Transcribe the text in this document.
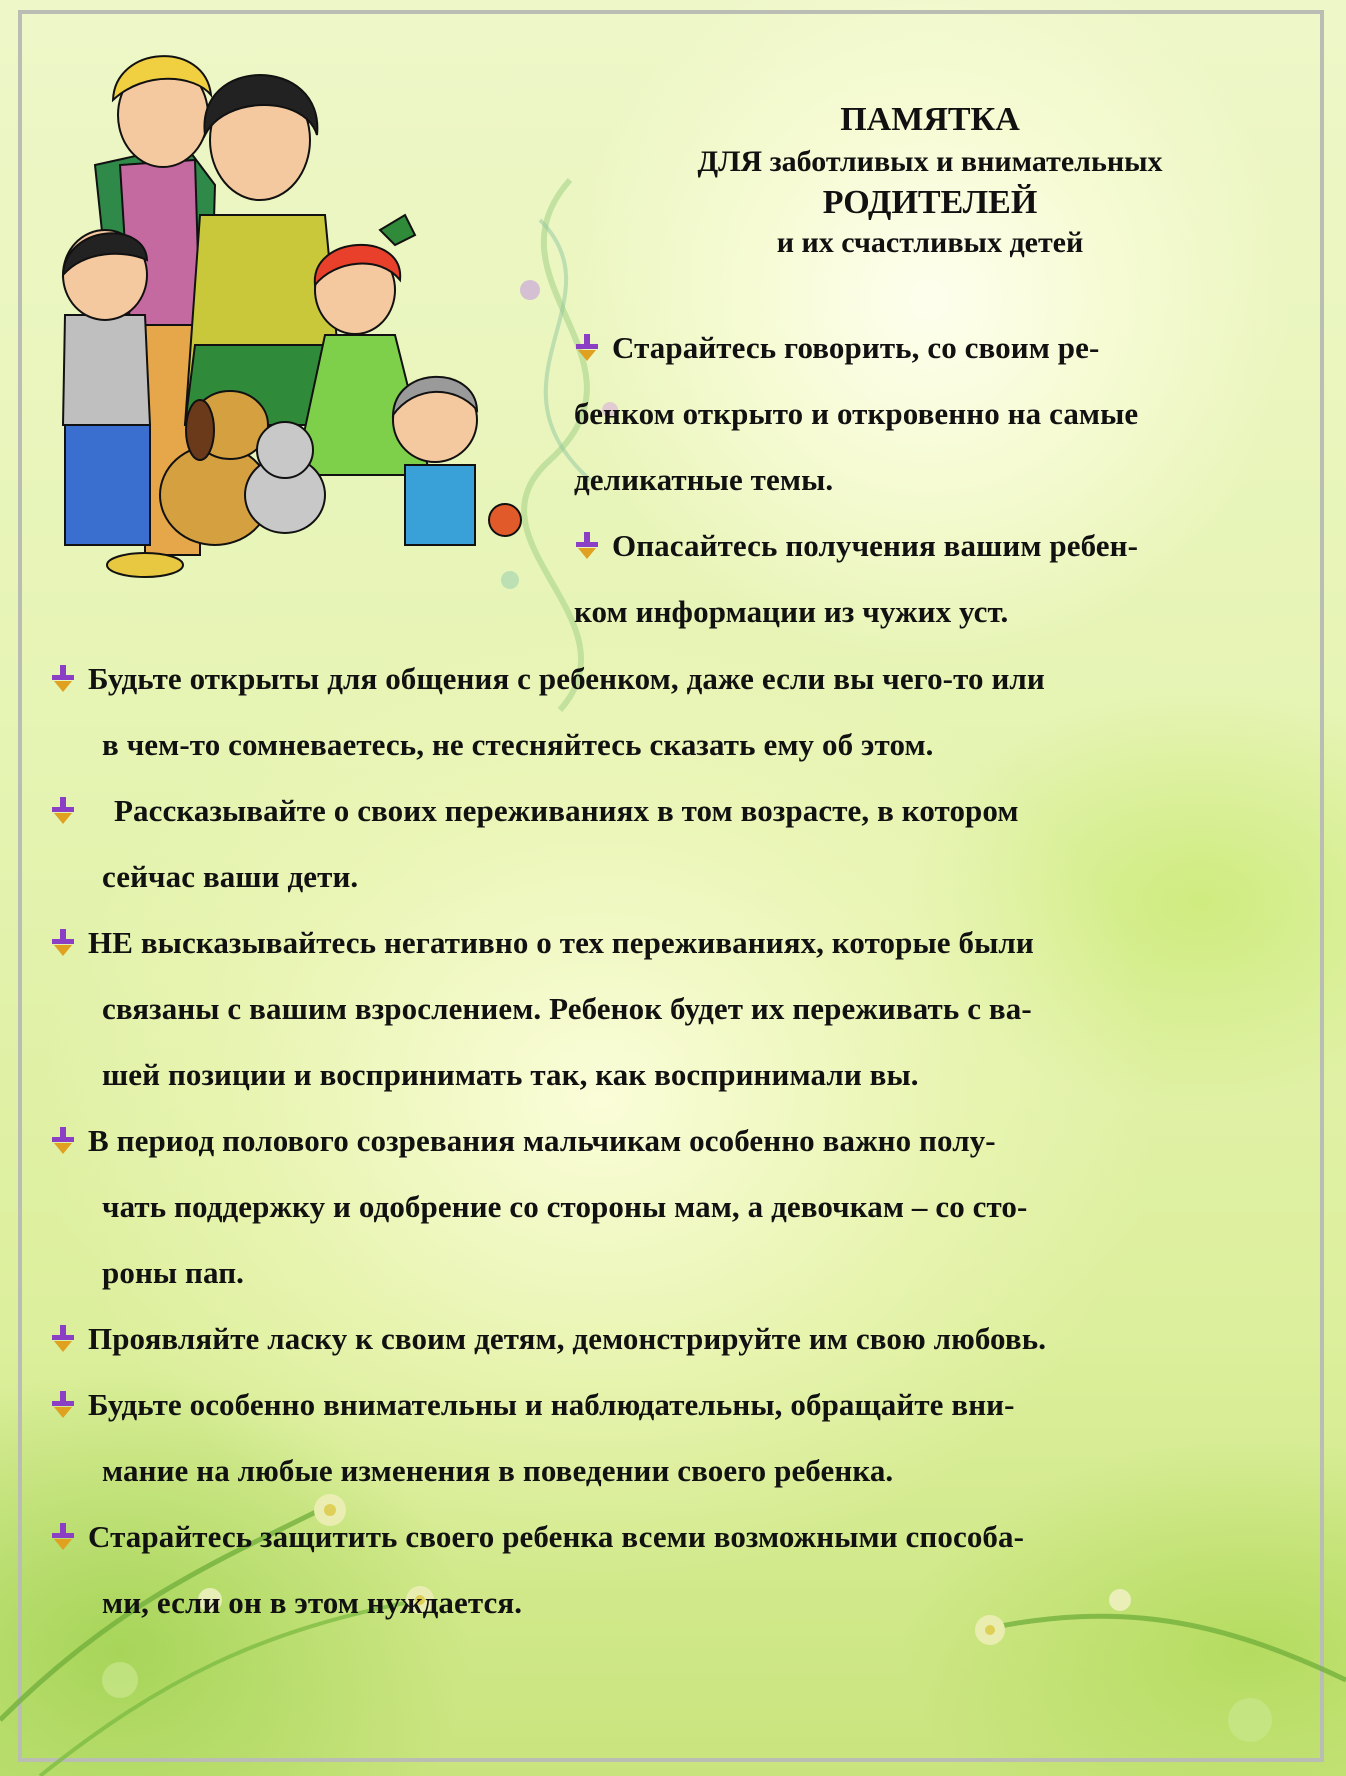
ПАМЯТКА
ДЛЯ заботливых и внимательных
РОДИТЕЛЕЙ
и их счастливых детей
Старайтесь говорить, со своим ре-
бенком открыто и откровенно на самые
деликатные темы.
Опасайтесь получения вашим ребен-
ком информации из чужих уст.
Будьте открыты для общения с ребенком, даже если вы чего-то или
в чем-то сомневаетесь, не стесняйтесь сказать ему об этом.
Рассказывайте о своих переживаниях в том возрасте, в котором
сейчас ваши дети.
НЕ высказывайтесь негативно о тех переживаниях, которые были
связаны с вашим взрослением. Ребенок будет их переживать с ва-
шей позиции и воспринимать так, как воспринимали вы.
В период полового созревания мальчикам особенно важно полу-
чать поддержку и одобрение со стороны мам, а девочкам – со сто-
роны пап.
Проявляйте ласку к своим детям, демонстрируйте им свою любовь.
Будьте особенно внимательны и наблюдательны, обращайте вни-
мание на любые изменения в поведении своего ребенка.
Старайтесь защитить своего ребенка всеми возможными способа-
ми, если он в этом нуждается.
